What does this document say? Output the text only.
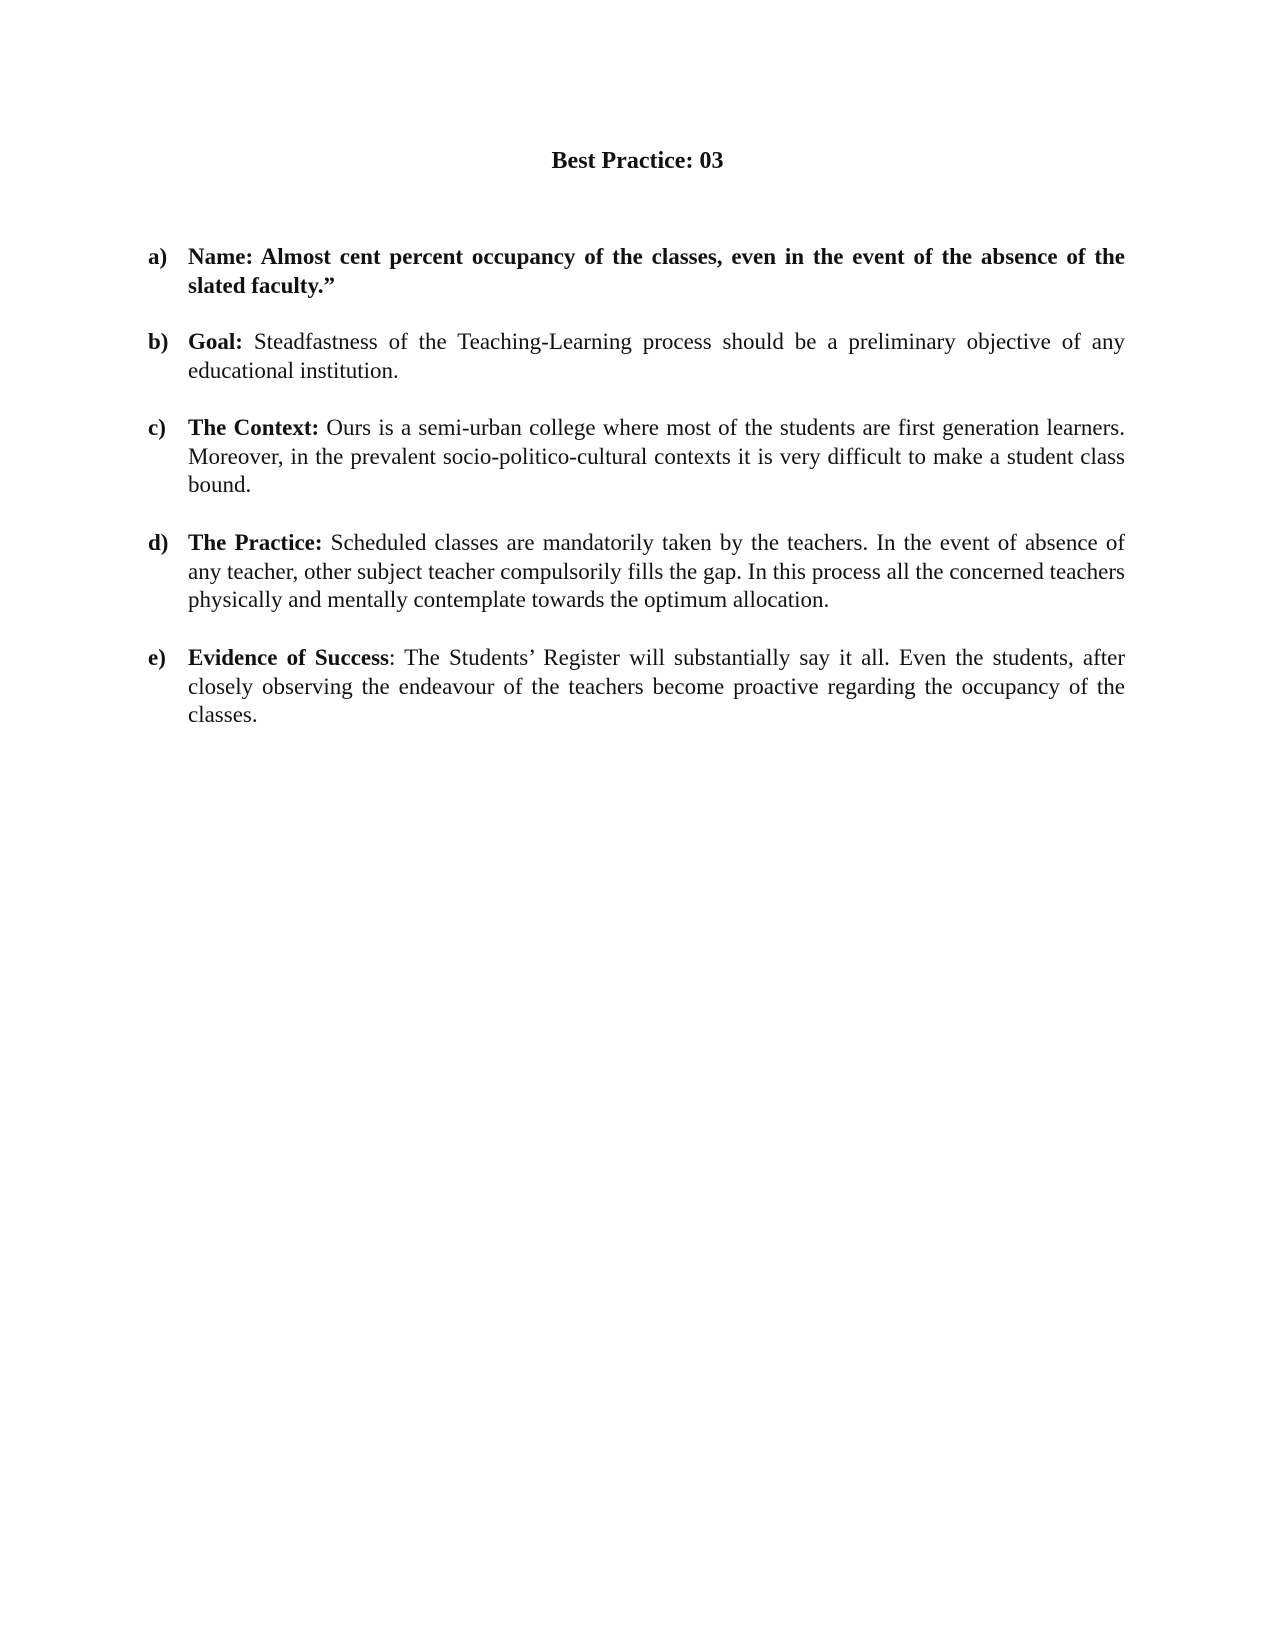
Best Practice: 03
a) Name: Almost cent percent occupancy of the classes, even in the event of the absence of the slated faculty.”
b) Goal: Steadfastness of the Teaching-Learning process should be a preliminary objective of any educational institution.
c) The Context: Ours is a semi-urban college where most of the students are first generation learners. Moreover, in the prevalent socio-politico-cultural contexts it is very difficult to make a student class bound.
d) The Practice: Scheduled classes are mandatorily taken by the teachers. In the event of absence of any teacher, other subject teacher compulsorily fills the gap. In this process all the concerned teachers physically and mentally contemplate towards the optimum allocation.
e) Evidence of Success: The Students’ Register will substantially say it all. Even the students, after closely observing the endeavour of the teachers become proactive regarding the occupancy of the classes.
